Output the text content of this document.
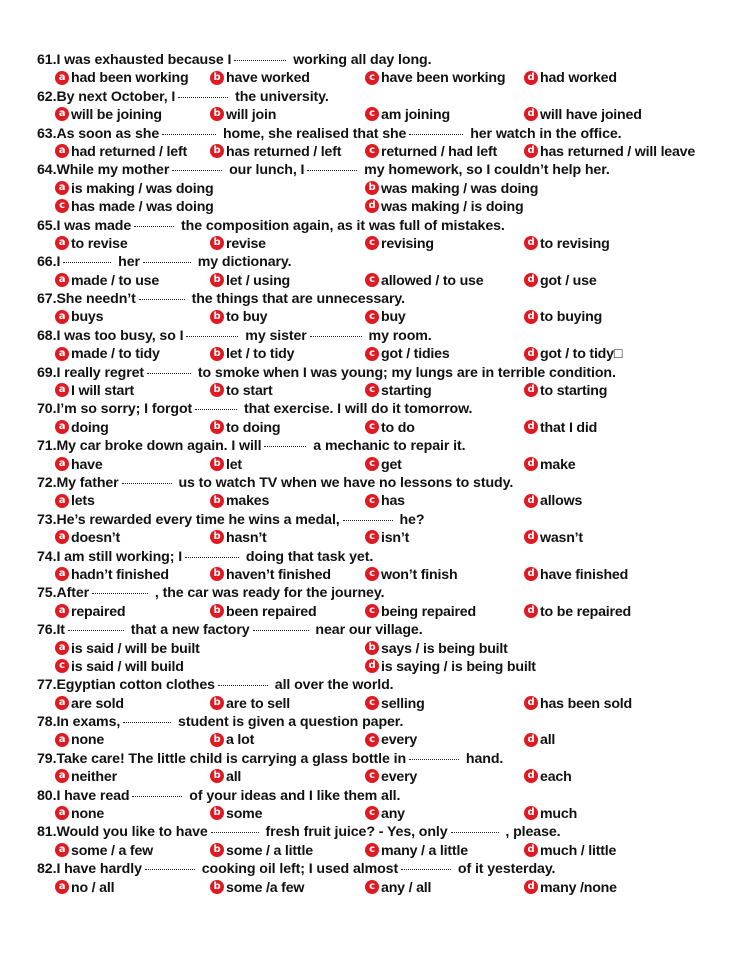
61.I was exhausted because I	working all day long.
a had been working	b have worked	c have been working	d had worked
62.By next October, I	the university.
a will be joining	b will join	c am joining	d will have joined
63.As soon as she	home, she realised that she	her watch in the office.
a had returned / left	b has returned / left	c returned / had left	d has returned / will leave
64.While my mother	our lunch, I	my homework, so I couldn’t help her.
a is making / was doing	b was making / was doing
c has made / was doing	d was making / is doing
65.I was made	the composition again, as it was full of mistakes.
a to revise	b revise	c revising	d to revising
66.I	her	my dictionary.
a made / to use	b let / using	c allowed / to use	d got / use
67.She needn’t	the things that are unnecessary.
a buys	b to buy	c buy	d to buying
68.I was too busy, so I	my sister	my room.
a made / to tidy	b let / to tidy	c got / tidies	d got / to tidy□
69.I really regret	to smoke when I was young; my lungs are in terrible condition.
a I will start	b to start	c starting	d to starting
70.I’m so sorry; I forgot	that exercise. I will do it tomorrow.
a doing	b to doing	c to do	d that I did
71.My car broke down again. I will	a mechanic to repair it.
a have	b let	c get	d make
72.My father	us to watch TV when we have no lessons to study.
a lets	b makes	c has	d allows
73.He’s rewarded every time he wins a medal,	he?
a doesn’t	b hasn’t	c isn’t	d wasn’t
74.I am still working; I	doing that task yet.
a hadn’t finished	b haven’t finished	c won’t finish	d have finished
75.After	, the car was ready for the journey.
a repaired	b been repaired	c being repaired	d to be repaired
76.It	that a new factory	near our village.
a is said / will be built	b says / is being built
c is said / will build	d is saying / is being built
77.Egyptian cotton clothes	all over the world.
a are sold	b are to sell	c selling	d has been sold
78.In exams,	student is given a question paper.
a none	b a lot	c every	d all
79.Take care! The little child is carrying a glass bottle in	hand.
a neither	b all	c every	d each
80.I have read	of your ideas and I like them all.
a none	b some	c any	d much
81.Would you like to have	fresh fruit juice? - Yes, only	, please.
a some / a few	b some / a little	c many / a little	d much / little
82.I have hardly	cooking oil left; I used almost	of it yesterday.
a no / all	b some /a few	c any / all	d many /none
